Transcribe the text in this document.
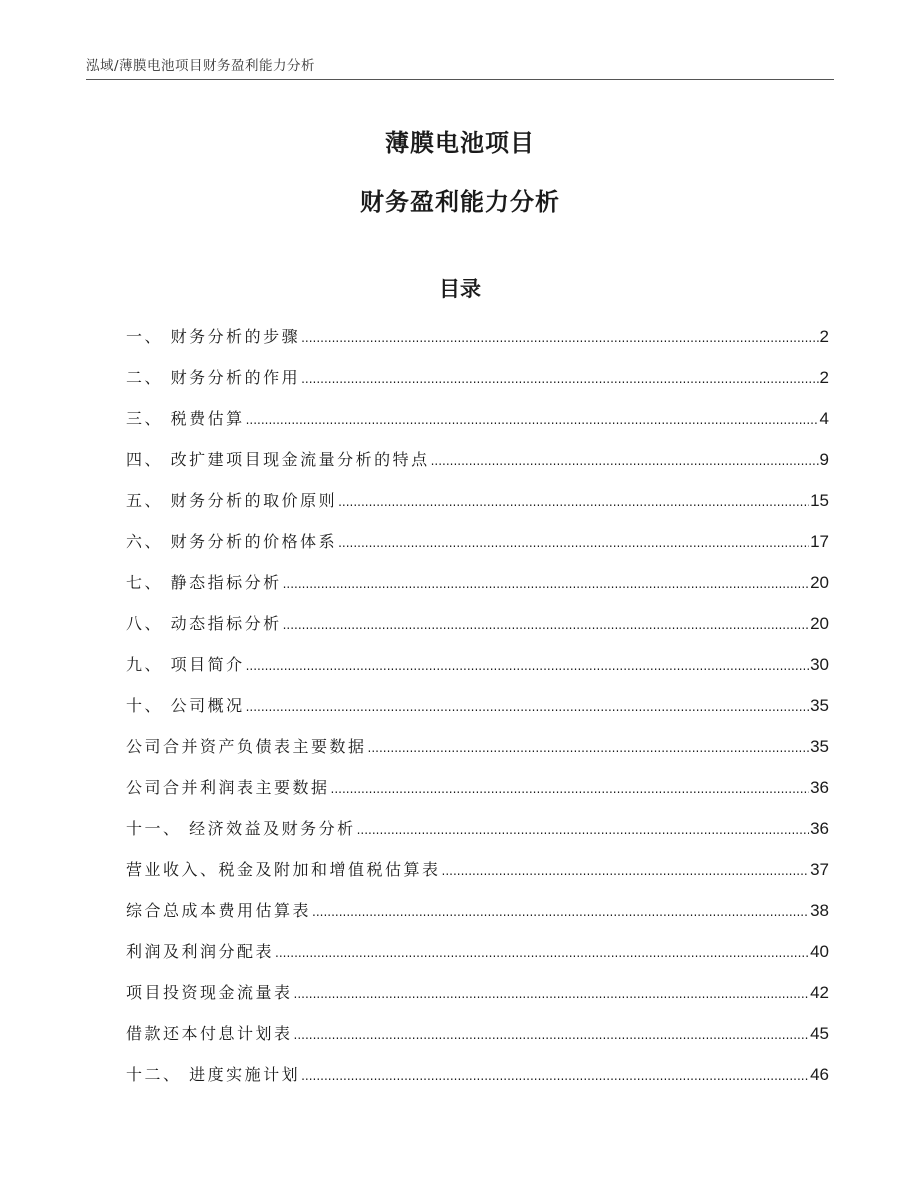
泓域/薄膜电池项目财务盈利能力分析
薄膜电池项目
财务盈利能力分析
目录
一、 财务分析的步骤 .....	2
二、 财务分析的作用 .....	2
三、 税费估算 .....	4
四、 改扩建项目现金流量分析的特点 .....	9
五、 财务分析的取价原则 .....	15
六、 财务分析的价格体系 .....	17
七、 静态指标分析 .....	20
八、 动态指标分析 .....	20
九、 项目简介 .....	30
十、 公司概况 .....	35
公司合并资产负债表主要数据 .....	35
公司合并利润表主要数据 .....	36
十一、 经济效益及财务分析 .....	36
营业收入、税金及附加和增值税估算表 .....	37
综合总成本费用估算表 .....	38
利润及利润分配表 .....	40
项目投资现金流量表 .....	42
借款还本付息计划表 .....	45
十二、 进度实施计划 .....	46
